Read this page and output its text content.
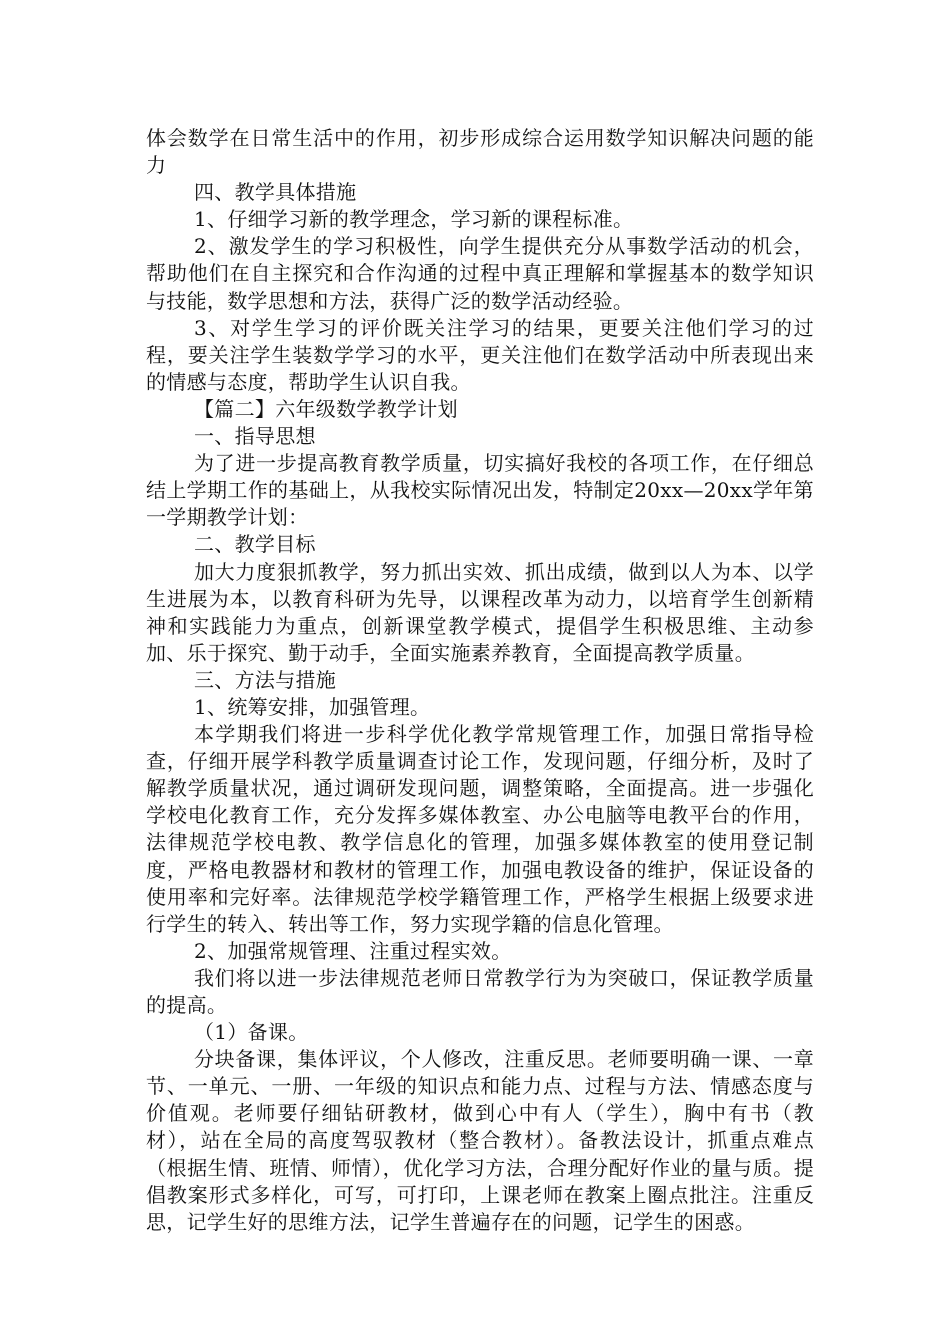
体会数学在日常生活中的作用，初步形成综合运用数学知识解决问题的能力

四、教学具体措施

1、仔细学习新的教学理念，学习新的课程标准。

2、激发学生的学习积极性，向学生提供充分从事数学活动的机会，帮助他们在自主探究和合作沟通的过程中真正理解和掌握基本的数学知识与技能，数学思想和方法，获得广泛的数学活动经验。

3、对学生学习的评价既关注学习的结果，更要关注他们学习的过程，要关注学生装数学学习的水平，更关注他们在数学活动中所表现出来的情感与态度，帮助学生认识自我。

【篇二】六年级数学教学计划

一、指导思想

为了进一步提高教育教学质量，切实搞好我校的各项工作，在仔细总结上学期工作的基础上，从我校实际情况出发，特制定20xx—20xx学年第一学期教学计划：

二、教学目标

加大力度狠抓教学，努力抓出实效、抓出成绩，做到以人为本、以学生进展为本，以教育科研为先导，以课程改革为动力，以培育学生创新精神和实践能力为重点，创新课堂教学模式，提倡学生积极思维、主动参加、乐于探究、勤于动手，全面实施素养教育，全面提高教学质量。

三、方法与措施

1、统筹安排，加强管理。

本学期我们将进一步科学优化教学常规管理工作，加强日常指导检查，仔细开展学科教学质量调查讨论工作，发现问题，仔细分析，及时了解教学质量状况，通过调研发现问题，调整策略，全面提高。进一步强化学校电化教育工作，充分发挥多媒体教室、办公电脑等电教平台的作用，法律规范学校电教、教学信息化的管理，加强多媒体教室的使用登记制度，严格电教器材和教材的管理工作，加强电教设备的维护，保证设备的使用率和完好率。法律规范学校学籍管理工作，严格学生根据上级要求进行学生的转入、转出等工作，努力实现学籍的信息化管理。

2、加强常规管理、注重过程实效。

我们将以进一步法律规范老师日常教学行为为突破口，保证教学质量的提高。

（1）备课。

分块备课，集体评议，个人修改，注重反思。老师要明确一课、一章节、一单元、一册、一年级的知识点和能力点、过程与方法、情感态度与价值观。老师要仔细钻研教材，做到心中有人（学生），胸中有书（教材），站在全局的高度驾驭教材（整合教材）。备教法设计，抓重点难点（根据生情、班情、师情），优化学习方法，合理分配好作业的量与质。提倡教案形式多样化，可写，可打印，上课老师在教案上圈点批注。注重反思，记学生好的思维方法，记学生普遍存在的问题，记学生的困惑。
